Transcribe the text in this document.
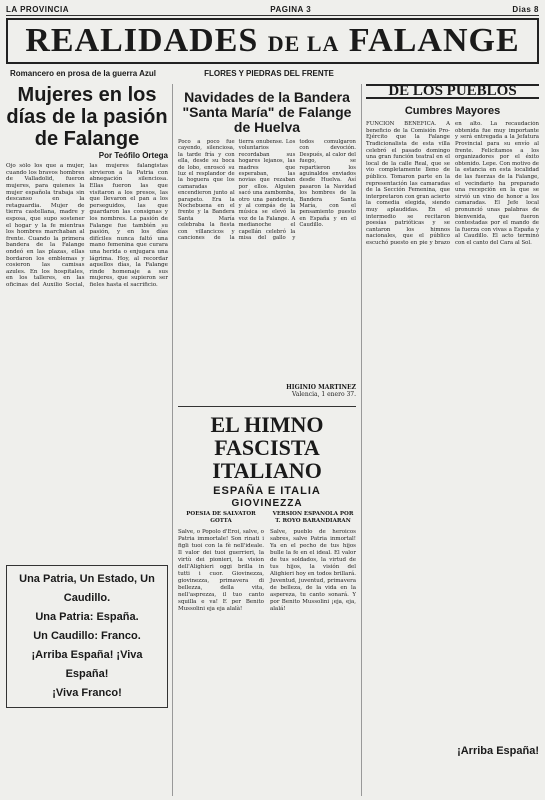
LA PROVINCIA	PAGINA 3	Dias 8
REALIDADES DE LA FALANGE
Romancero en prosa de la guerra Azul	FLORES Y PIEDRAS DEL FRENTE
Mujeres en los días de la pasión de Falange
Por Teófilo Ortega
Ojo sólo los que a mujer, cuando los bravos hombres de Valladolid, fueron mujeres, para quienes la mujer española trabaja sin descanso en la retaguardia. Mujer de tierra castellana, madre y esposa, que supo sostener el hogar y la fe mientras los hombres marchaban al frente. Cuando la primera bandera de la Falange ondeó en las plazas, ellas bordaron los emblemas y cosieron las camisas azules. En los hospitales, en los talleres, en las oficinas del Auxilio Social, las mujeres falangistas sirvieron a la Patria con abnegación silenciosa. Ellas fueron las que visitaron a los presos, las que llevaron el pan a los perseguidos, las que guardaron las consignas y los nombres. La pasión de Falange fue también su pasión, y en los días difíciles nunca faltó una mano femenina que curara una herida o enjugara una lágrima. Hoy, al recordar aquellos días, la Falange rinde homenaje a sus mujeres, que supieron ser fieles hasta el sacrificio.
Una Patria, Un Estado, Un Caudillo.
Una Patria: España.
Un Caudillo: Franco.
¡Arriba España! ¡Viva España!
¡Viva Franco!
Navidades de la Bandera "Santa María" de Falange de Huelva
Poco a poco fue cayendo, silenciosa, la tarde fría y con ella, desde su boca de lobo, enroscó su luz el resplandor de la hoguera que los camaradas encendieron junto al parapeto. Era la Nochebuena en el frente y la Bandera Santa María celebraba la fiesta con villancicos y canciones de la tierra onubense. Los voluntarios recordaban sus hogares lejanos, las madres que esperaban, las novias que rezaban por ellos. Alguien sacó una zambomba, otro una pandereta, y al compás de la música se elevó la voz de la Falange. A medianoche el capellán celebró la misa del gallo y todos comulgaron con devoción. Después, al calor del fuego, se repartieron los aguinaldos enviados desde Huelva. Así pasaron la Navidad los hombres de la Bandera Santa María, con el pensamiento puesto en España y en el Caudillo.
HIGINIO MARTINEZ
Valencia, 1 enero 37.
EL HIMNO FASCISTA ITALIANO
ESPAÑA E ITALIA
GIOVINEZZA
POESIA DE SALVATOR GOTTA
Salve, o Popolo d'Eroi, salve, o Patria immortale! Son rinati i figli tuoi con la fè nell'ideale. Il valor dei tuoi guerrieri, la virtù dei pionieri, la vision dell'Alighieri oggi brilla in tutti i cuor. Giovinezza, giovinezza, primavera di bellezza, della vita, nell'asprezza, il tuo canto squilla e va! E per Benito Mussolini eja eja alalà!
VERSION ESPAÑOLA POR T. ROYO BARANDIARAN
Salve, pueblo de heroicos sabres, salve Patria inmortal! Ya en el pecho de tus hijos bulle la fe en el ideal. El valor de tus soldados, la virtud de tus hijos, la visión del Alighieri hoy en todos brillará. Juventud, juventud, primavera de belleza, de la vida en la aspereza, tu canto sonará. Y por Benito Mussolini ¡eja, eja, alalá!
DE LOS PUEBLOS
Cumbres Mayores
FUNCION BENEFICA. A beneficio de la Comisión Pro-Ejército que la Falange Tradicionalista de esta villa celebró el pasado domingo una gran función teatral en el local de la calle Real, que se vio completamente lleno de público. Tomaron parte en la representación las camaradas de la Sección Femenina, que interpretaron con gran acierto la comedia elegida, siendo muy aplaudidas. En el intermedio se recitaron poesías patrióticas y se cantaron los himnos nacionales, que el público escuchó puesto en pie y brazo en alto. La recaudación obtenida fue muy importante y será entregada a la Jefatura Provincial para su envío al frente. Felicitamos a los organizadores por el éxito obtenido. Lepe. Con motivo de la estancia en esta localidad de las fuerzas de la Falange, el vecindario ha preparado una recepción en la que se sirvió un vino de honor a los camaradas. El Jefe local pronunció unas palabras de bienvenida, que fueron contestadas por el mando de la fuerza con vivas a España y al Caudillo. El acto terminó con el canto del Cara al Sol.
¡Arriba España!
